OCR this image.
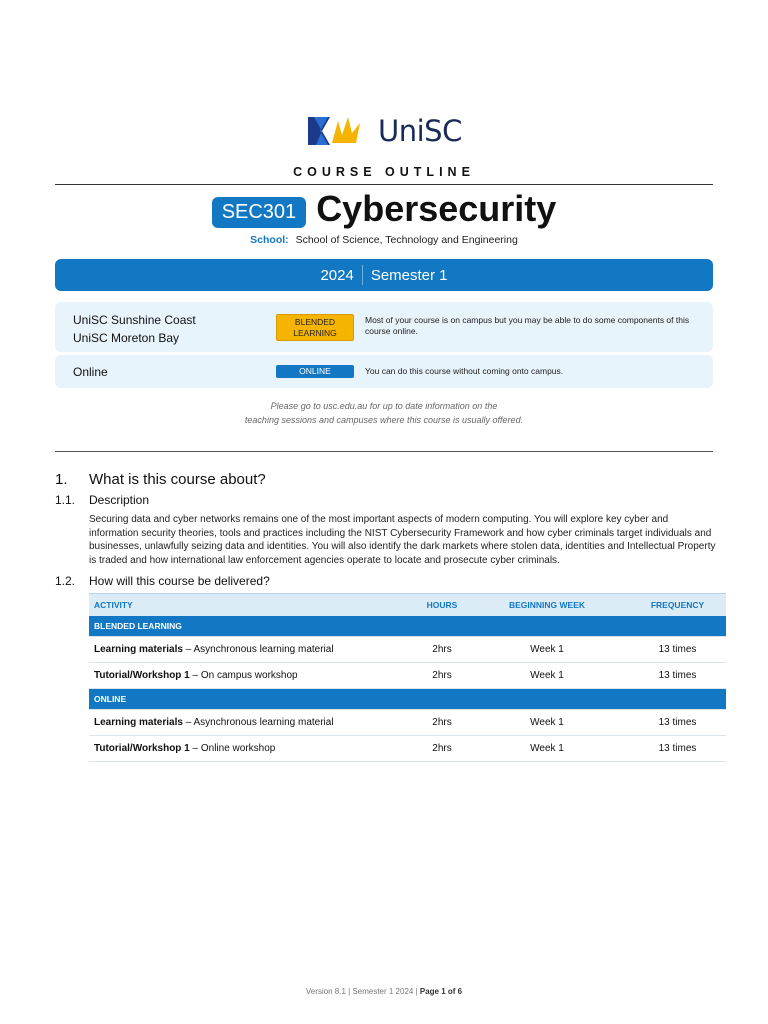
UniSC
COURSE OUTLINE
SEC301 Cybersecurity
School: School of Science, Technology and Engineering
2024 Semester 1
UniSC Sunshine Coast
UniSC Moreton Bay
BLENDED
LEARNING
Most of your course is on campus but you may be able to do some components of this course online.
Online	ONLINE	You can do this course without coming onto campus.
Please go to usc.edu.au for up to date information on the
teaching sessions and campuses where this course is usually offered.
1. What is this course about?
1.1. Description
Securing data and cyber networks remains one of the most important aspects of modern computing. You will explore key cyber and information security theories, tools and practices including the NIST Cybersecurity Framework and how cyber criminals target individuals and businesses, unlawfully seizing data and identities. You will also identify the dark markets where stolen data, identities and Intellectual Property is traded and how international law enforcement agencies operate to locate and prosecute cyber criminals.
1.2. How will this course be delivered?
ACTIVITY	HOURS	BEGINNING WEEK	FREQUENCY
BLENDED LEARNING			
Learning materials – Asynchronous learning material	2hrs	Week 1	13 times
Tutorial/Workshop 1 – On campus workshop	2hrs	Week 1	13 times
ONLINE			
Learning materials – Asynchronous learning material	2hrs	Week 1	13 times
Tutorial/Workshop 1 – Online workshop	2hrs	Week 1	13 times
Version 8.1 | Semester 1 2024 | Page 1 of 6
